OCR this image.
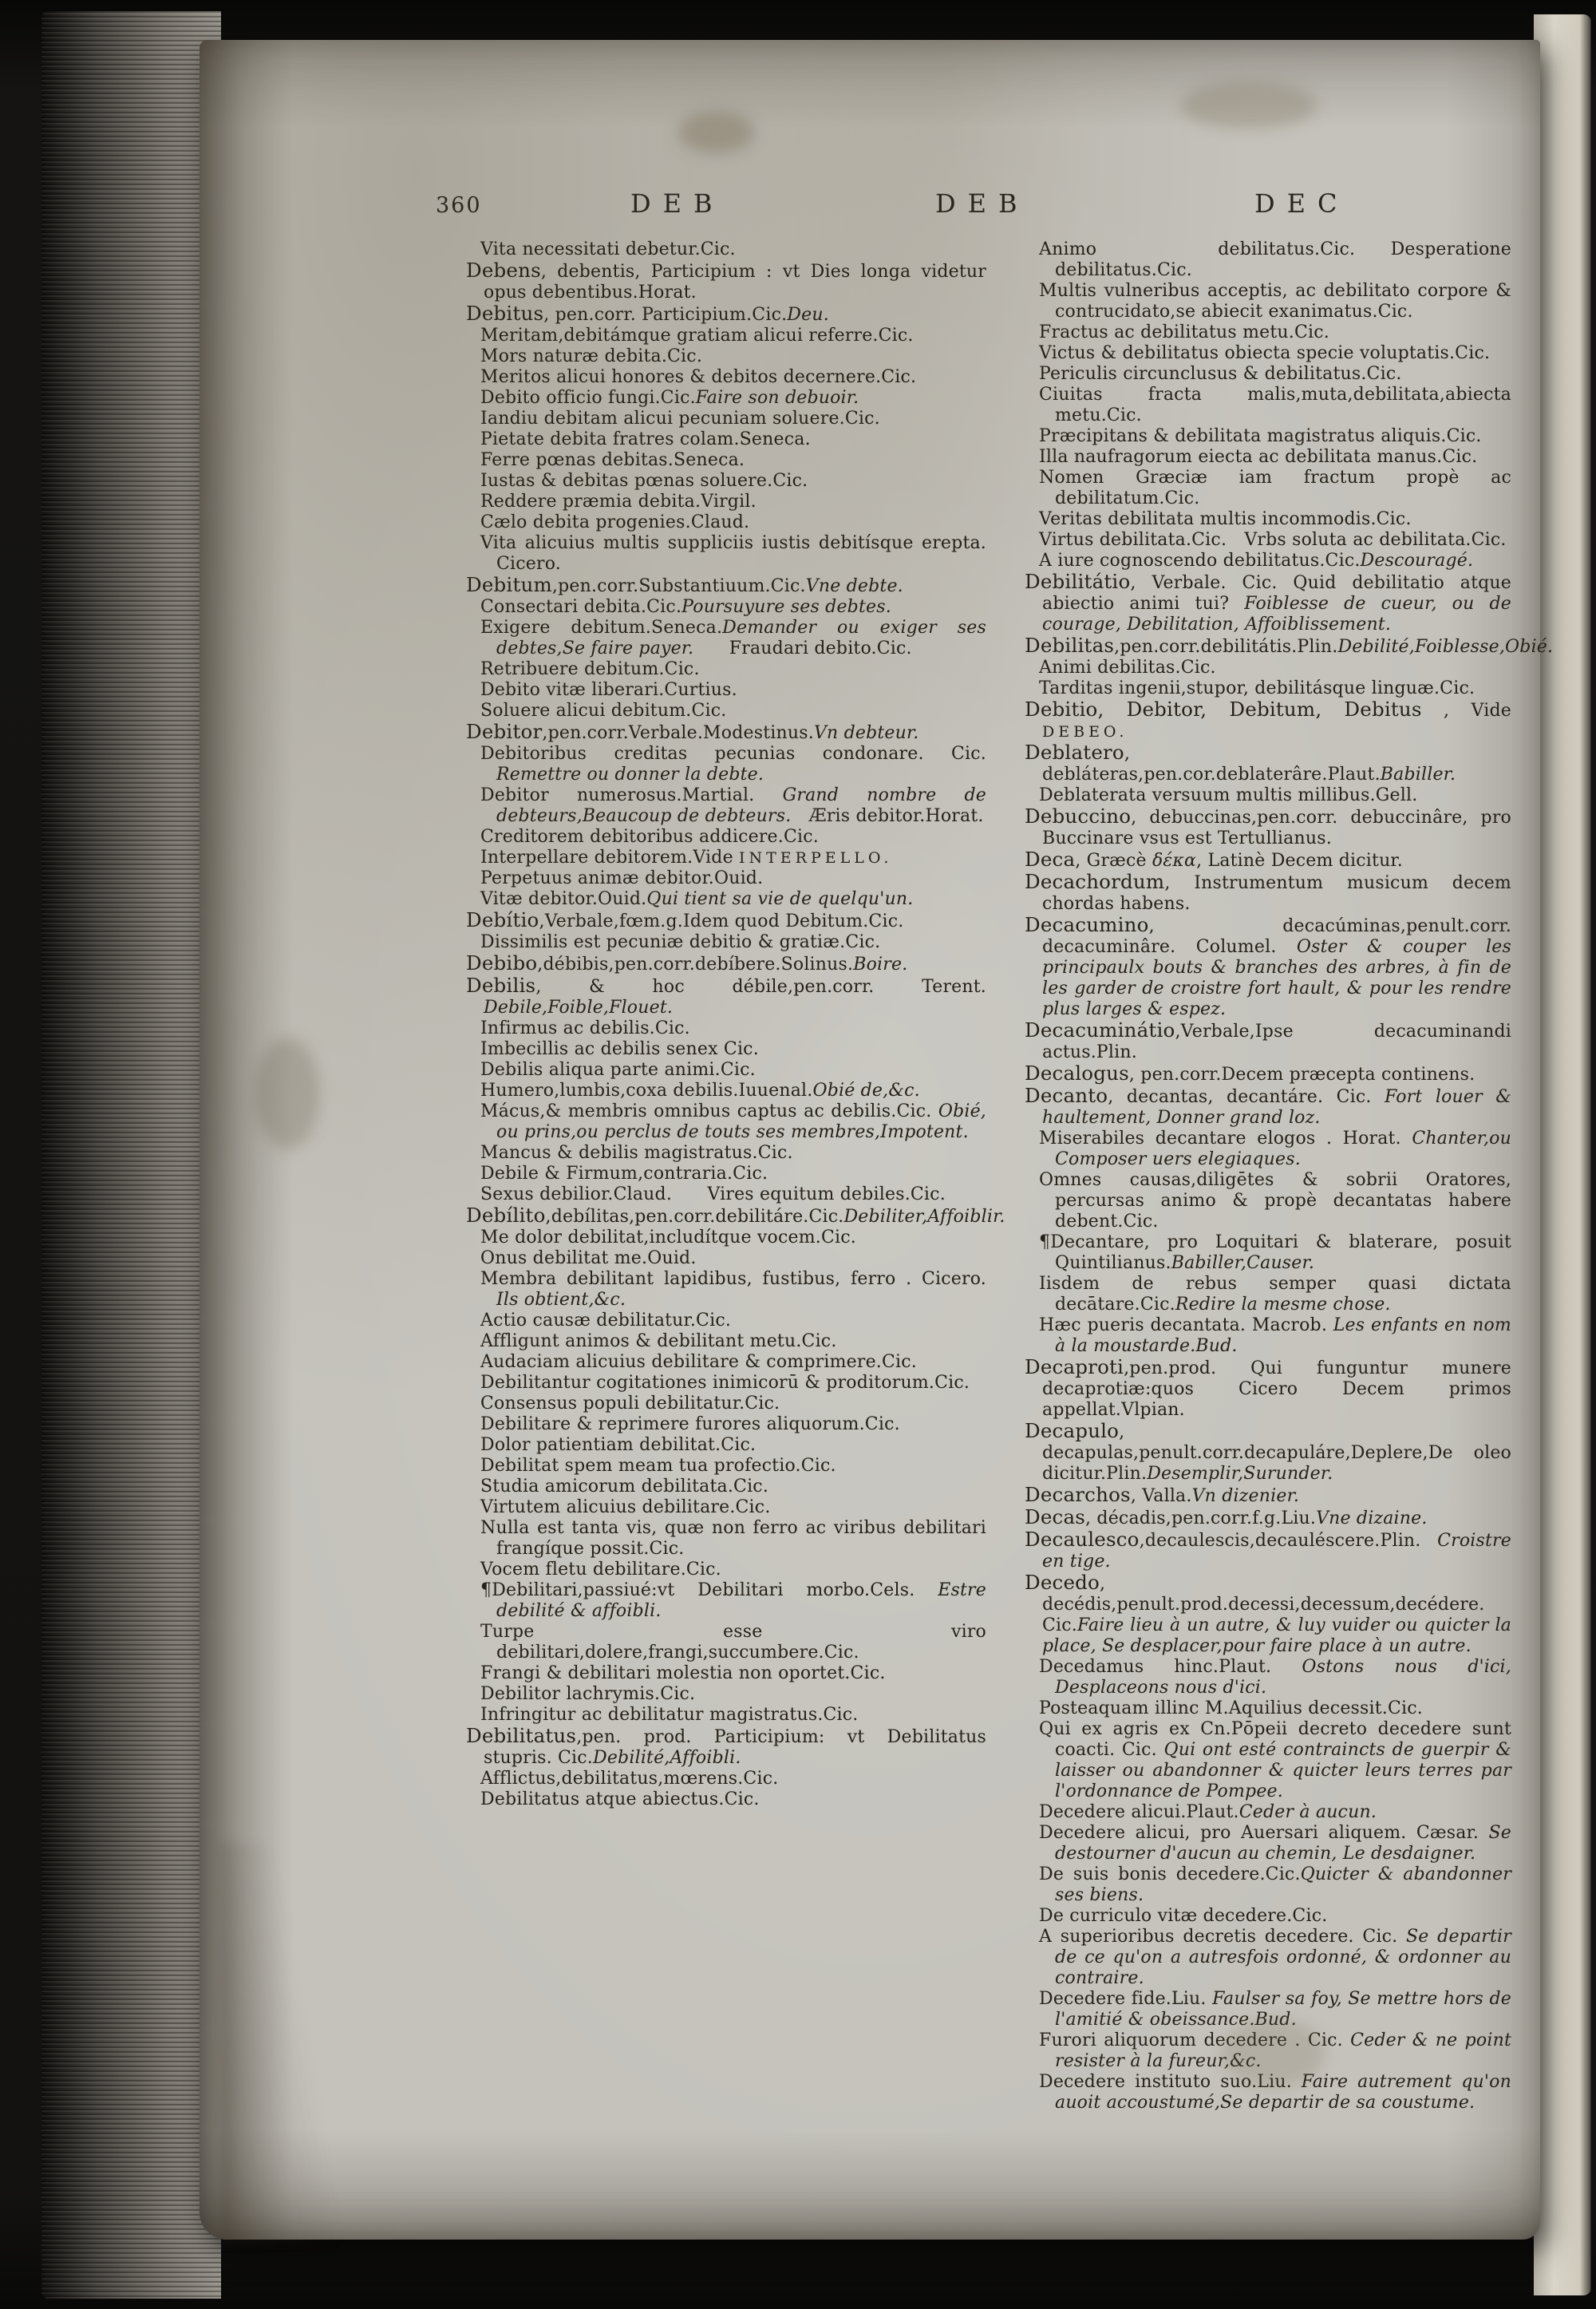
360	DEB	DEB	DEC

Vita necessitati debetur.Cic.

Debens, debentis, Participium : vt Dies longa videtur opus debentibus.Horat.

Debitus, pen.corr. Participium.Cic.Deu.

Meritam,debitámque gratiam alicui referre.Cic.

Mors naturæ debita.Cic.

Meritos alicui honores & debitos decernere.Cic.

Debito officio fungi.Cic.Faire son debuoir.

Iandiu debitam alicui pecuniam soluere.Cic.

Pietate debita fratres colam.Seneca.

Ferre pœnas debitas.Seneca.

Iustas & debitas pœnas soluere.Cic.

Reddere præmia debita.Virgil.

Cælo debita progenies.Claud.

Vita alicuius multis suppliciis iustis debitísque erepta. Cicero.

Debitum,pen.corr.Substantiuum.Cic.Vne debte.

Consectari debita.Cic.Poursuyure ses debtes.

Exigere debitum.Seneca.Demander ou exiger ses debtes,Se faire payer.  Fraudari debito.Cic.

Retribuere debitum.Cic.

Debito vitæ liberari.Curtius.

Soluere alicui debitum.Cic.

Debitor,pen.corr.Verbale.Modestinus.Vn debteur.

Debitoribus creditas pecunias condonare. Cic. Remettre ou donner la debte.

Debitor numerosus.Martial. Grand nombre de debteurs,Beaucoup de debteurs. Æris debitor.Horat.

Creditorem debitoribus addicere.Cic.

Interpellare debitorem.Vide INTERPELLO.

Perpetuus animæ debitor.Ouid.

Vitæ debitor.Ouid.Qui tient sa vie de quelqu'un.

Debítio,Verbale,fœm.g.Idem quod Debitum.Cic.

Dissimilis est pecuniæ debitio & gratiæ.Cic.

Debibo,débibis,pen.corr.debíbere.Solinus.Boire.

Debilis, & hoc débile,pen.corr. Terent. Debile,Foible,Flouet.

Infirmus ac debilis.Cic.

Imbecillis ac debilis senex Cic.

Debilis aliqua parte animi.Cic.

Humero,lumbis,coxa debilis.Iuuenal.Obié de,&c.

Mácus,& membris omnibus captus ac debilis.Cic. Obié, ou prins,ou perclus de touts ses membres,Impotent.

Mancus & debilis magistratus.Cic.

Debile & Firmum,contraria.Cic.

Sexus debilior.Claud.  Vires equitum debiles.Cic.

Debílito,debílitas,pen.corr.debilitáre.Cic.Debiliter,Affoiblir.

Me dolor debilitat,includítque vocem.Cic.

Onus debilitat me.Ouid.

Membra debilitant lapidibus, fustibus, ferro . Cicero. Ils obtient,&c.

Actio causæ debilitatur.Cic.

Affligunt animos & debilitant metu.Cic.

Audaciam alicuius debilitare & comprimere.Cic.

Debilitantur cogitationes inimicorū & proditorum.Cic.

Consensus populi debilitatur.Cic.

Debilitare & reprimere furores aliquorum.Cic.

Dolor patientiam debilitat.Cic.

Debilitat spem meam tua profectio.Cic.

Studia amicorum debilitata.Cic.

Virtutem alicuius debilitare.Cic.

Nulla est tanta vis, quæ non ferro ac viribus debilitari frangíque possit.Cic.

Vocem fletu debilitare.Cic.

¶Debilitari,passiué:vt Debilitari morbo.Cels. Estre debilité & affoibli.

Turpe esse viro debilitari,dolere,frangi,succumbere.Cic.

Frangi & debilitari molestia non oportet.Cic.

Debilitor lachrymis.Cic.

Infringitur ac debilitatur magistratus.Cic.

Debilitatus,pen. prod. Participium: vt Debilitatus stupris. Cic.Debilité,Affoibli.

Afflictus,debilitatus,mœrens.Cic.

Debilitatus atque abiectus.Cic.

Animo debilitatus.Cic.  Desperatione debilitatus.Cic.

Multis vulneribus acceptis, ac debilitato corpore & contrucidato,se abiecit exanimatus.Cic.

Fractus ac debilitatus metu.Cic.

Victus & debilitatus obiecta specie voluptatis.Cic.

Periculis circunclusus & debilitatus.Cic.

Ciuitas fracta malis,muta,debilitata,abiecta metu.Cic.

Præcipitans & debilitata magistratus aliquis.Cic.

Illa naufragorum eiecta ac debilitata manus.Cic.

Nomen Græciæ iam fractum propè ac debilitatum.Cic.

Veritas debilitata multis incommodis.Cic.

Virtus debilitata.Cic. Vrbs soluta ac debilitata.Cic.

A iure cognoscendo debilitatus.Cic.Descouragé.

Debilitátio, Verbale. Cic. Quid debilitatio atque abiectio animi tui? Foiblesse de cueur, ou de courage, Debilitation, Affoiblissement.

Debilitas,pen.corr.debilitátis.Plin.Debilité,Foiblesse,Obié.

Animi debilitas.Cic.

Tarditas ingenii,stupor, debilitásque linguæ.Cic.

Debitio, Debitor, Debitum, Debitus , Vide DEBEO.

Deblatero, debláteras,pen.cor.deblaterâre.Plaut.Babiller.

Deblaterata versuum multis millibus.Gell.

Debuccino, debuccinas,pen.corr. debuccinâre, pro Buccinare vsus est Tertullianus.

Deca, Græcè δέκα, Latinè Decem dicitur.

Decachordum, Instrumentum musicum decem chordas habens.

Decacumino, decacúminas,penult.corr. decacuminâre. Columel. Oster & couper les principaulx bouts & branches des arbres, à fin de les garder de croistre fort hault, & pour les rendre plus larges & espez.

Decacuminátio,Verbale,Ipse decacuminandi actus.Plin.

Decalogus, pen.corr.Decem præcepta continens.

Decanto, decantas, decantáre. Cic. Fort louer & haultement, Donner grand loz.

Miserabiles decantare elogos . Horat. Chanter,ou Composer uers elegiaques.

Omnes causas,diligētes & sobrii Oratores, percursas animo & propè decantatas habere debent.Cic.

¶Decantare, pro Loquitari & blaterare, posuit Quintilianus.Babiller,Causer.

Iisdem de rebus semper quasi dictata decātare.Cic.Redire la mesme chose.

Hæc pueris decantata. Macrob. Les enfants en nom à la moustarde.Bud.

Decaproti,pen.prod. Qui funguntur munere decaprotiæ:quos Cicero Decem primos appellat.Vlpian.

Decapulo, decapulas,penult.corr.decapuláre,Deplere,De oleo dicitur.Plin.Desemplir,Surunder.

Decarchos, Valla.Vn dizenier.

Decas, décadis,pen.corr.f.g.Liu.Vne dizaine.

Decaulesco,decaulescis,decauléscere.Plin. Croistre en tige.

Decedo, decédis,penult.prod.decessi,decessum,decédere. Cic.Faire lieu à un autre, & luy vuider ou quicter la place, Se desplacer,pour faire place à un autre.

Decedamus hinc.Plaut. Ostons nous d'ici, Desplaceons nous d'ici.

Posteaquam illinc M.Aquilius decessit.Cic.

Qui ex agris ex Cn.Pōpeii decreto decedere sunt coacti. Cic. Qui ont esté contraincts de guerpir & laisser ou abandonner & quicter leurs terres par l'ordonnance de Pompee.

Decedere alicui.Plaut.Ceder à aucun.

Decedere alicui, pro Auersari aliquem. Cæsar. Se destourner d'aucun au chemin, Le desdaigner.

De suis bonis decedere.Cic.Quicter & abandonner ses biens.

De curriculo vitæ decedere.Cic.

A superioribus decretis decedere. Cic. Se departir de ce qu'on a autresfois ordonné, & ordonner au contraire.

Decedere fide.Liu. Faulser sa foy, Se mettre hors de l'amitié & obeissance.Bud.

Furori aliquorum decedere . Cic. Ceder & ne point resister à la fureur,&c.

Decedere instituto suo.Liu. Faire autrement qu'on auoit accoustumé,Se departir de sa coustume.
